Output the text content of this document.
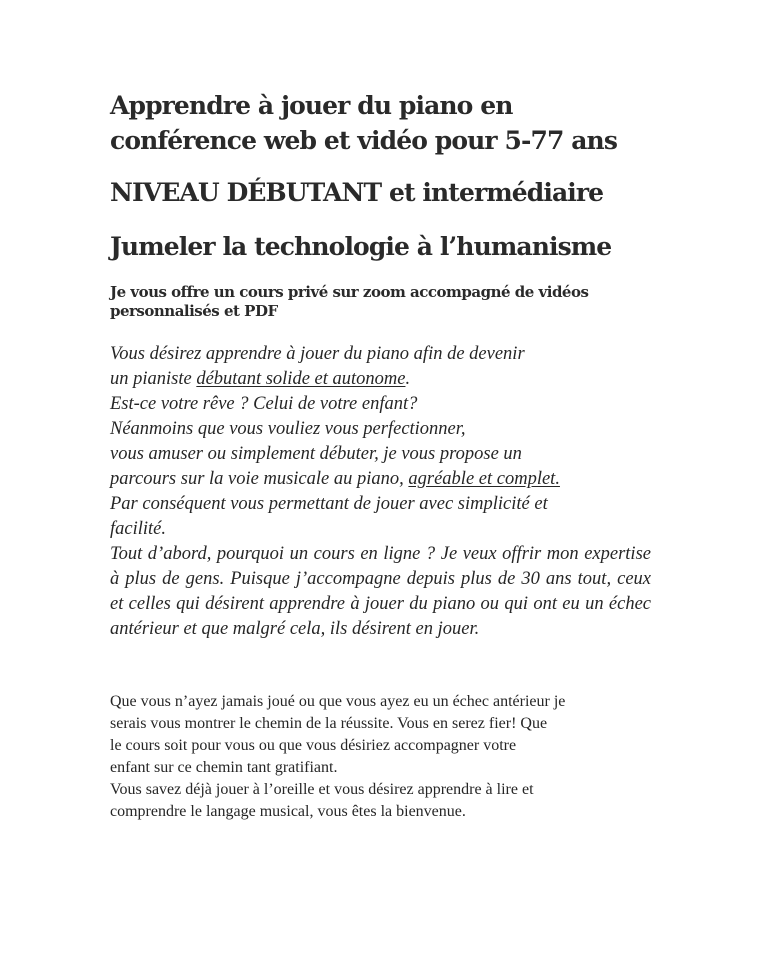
Apprendre à jouer du piano en
conférence web et vidéo pour 5-77 ans
NIVEAU DÉBUTANT et intermédiaire
Jumeler la technologie à l’humanisme

Je vous offre un cours privé sur zoom accompagné de vidéos
personnalisés et PDF

Vous désirez apprendre à jouer du piano afin de devenir
un pianiste débutant solide et autonome.
Est-ce votre rêve ? Celui de votre enfant?
Néanmoins que vous vouliez vous perfectionner,
vous amuser ou simplement débuter, je vous propose un
parcours sur la voie musicale au piano, agréable et complet.
Par conséquent vous permettant de jouer avec simplicité et
facilité.
Tout d’abord, pourquoi un cours en ligne ? Je veux offrir mon expertise à plus de gens. Puisque j’accompagne depuis plus de 30 ans tout, ceux et celles qui désirent apprendre à jouer du piano ou qui ont eu un échec antérieur et que malgré cela, ils désirent en jouer.
Que vous n’ayez jamais joué ou que vous ayez eu un échec antérieur je
serais vous montrer le chemin de la réussite. Vous en serez fier! Que
le cours soit pour vous ou que vous désiriez accompagner votre
enfant sur ce chemin tant gratifiant.
Vous savez déjà jouer à l’oreille et vous désirez apprendre à lire et
comprendre le langage musical, vous êtes la bienvenue.
